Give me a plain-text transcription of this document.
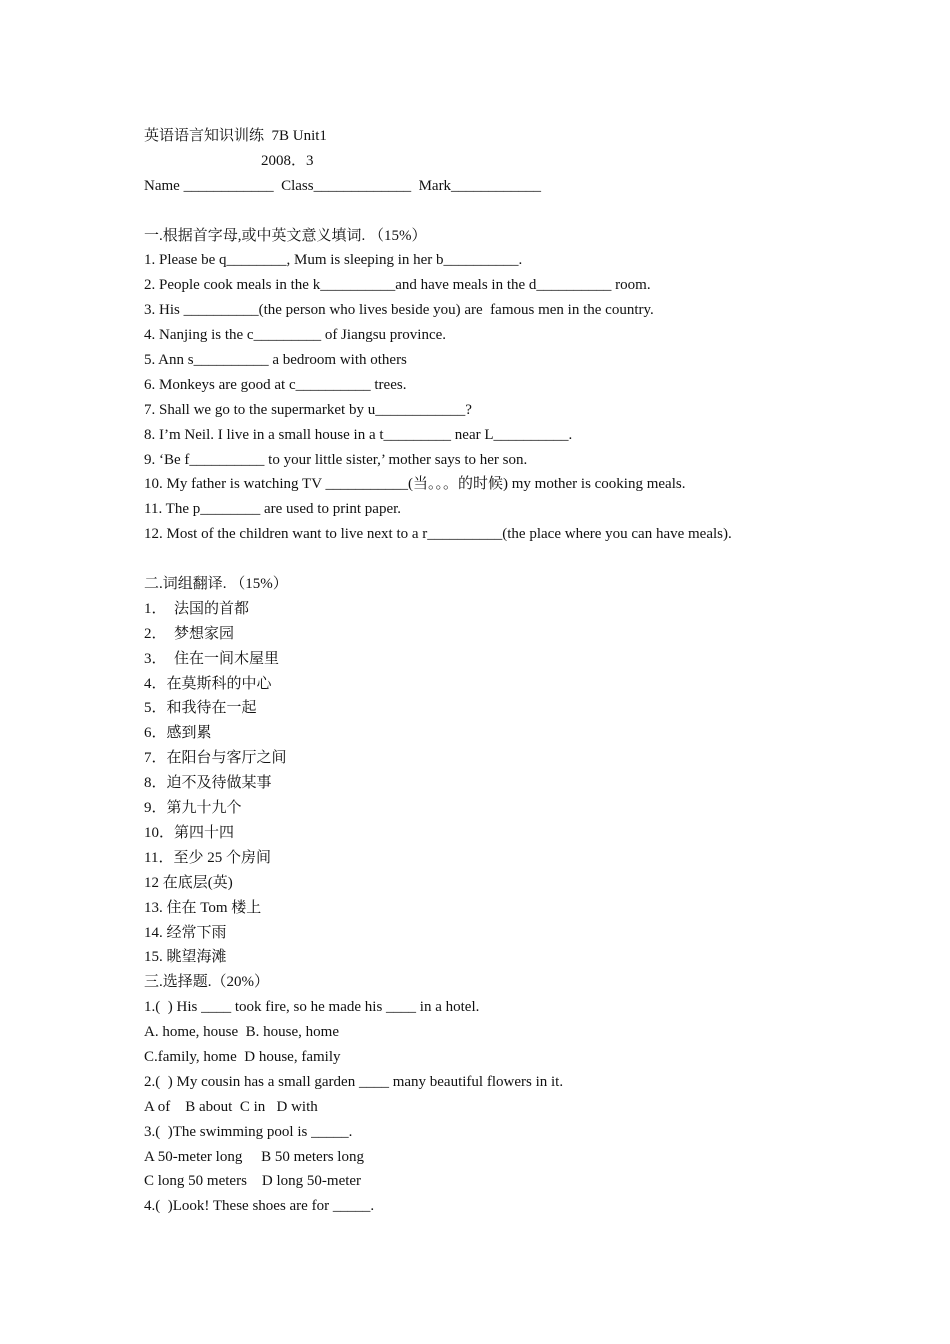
英语语言知识训练  7B Unit1
2008．3
Name ____________  Class_____________  Mark____________
一.根据首字母,或中英文意义填词. （15%）
1. Please be q________, Mum is sleeping in her b__________.
2. People cook meals in the k__________and have meals in the d__________ room.
3. His __________(the person who lives beside you) are  famous men in the country.
4. Nanjing is the c_________ of Jiangsu province.
5. Ann s__________ a bedroom with others
6. Monkeys are good at c__________ trees.
7. Shall we go to the supermarket by u____________?
8. I’m Neil. I live in a small house in a t_________ near L__________.
9. ‘Be f__________ to your little sister,’ mother says to her son.
10. My father is watching TV ___________(当。。。的时候) my mother is cooking meals.
11. The p________ are used to print paper.
12. Most of the children want to live next to a r__________(the place where you can have meals).
二.词组翻译. （15%）
1．  法国的首都
2．  梦想家园
3．  住在一间木屋里
4．在莫斯科的中心
5．和我待在一起
6．感到累
7．在阳台与客厅之间
8．迫不及待做某事
9．第九十九个
10．第四十四
11．至少 25 个房间
12 在底层(英)
13. 住在 Tom 楼上
14. 经常下雨
15. 眺望海滩
三.选择题.（20%）
1.(  ) His ____ took fire, so he made his ____ in a hotel.
A. home, house  B. house, home
C.family, home  D house, family
2.(  ) My cousin has a small garden ____ many beautiful flowers in it.
A of    B about  C in   D with
3.(  )The swimming pool is _____.
A 50-meter long     B 50 meters long
C long 50 meters    D long 50-meter
4.(  )Look! These shoes are for _____.
